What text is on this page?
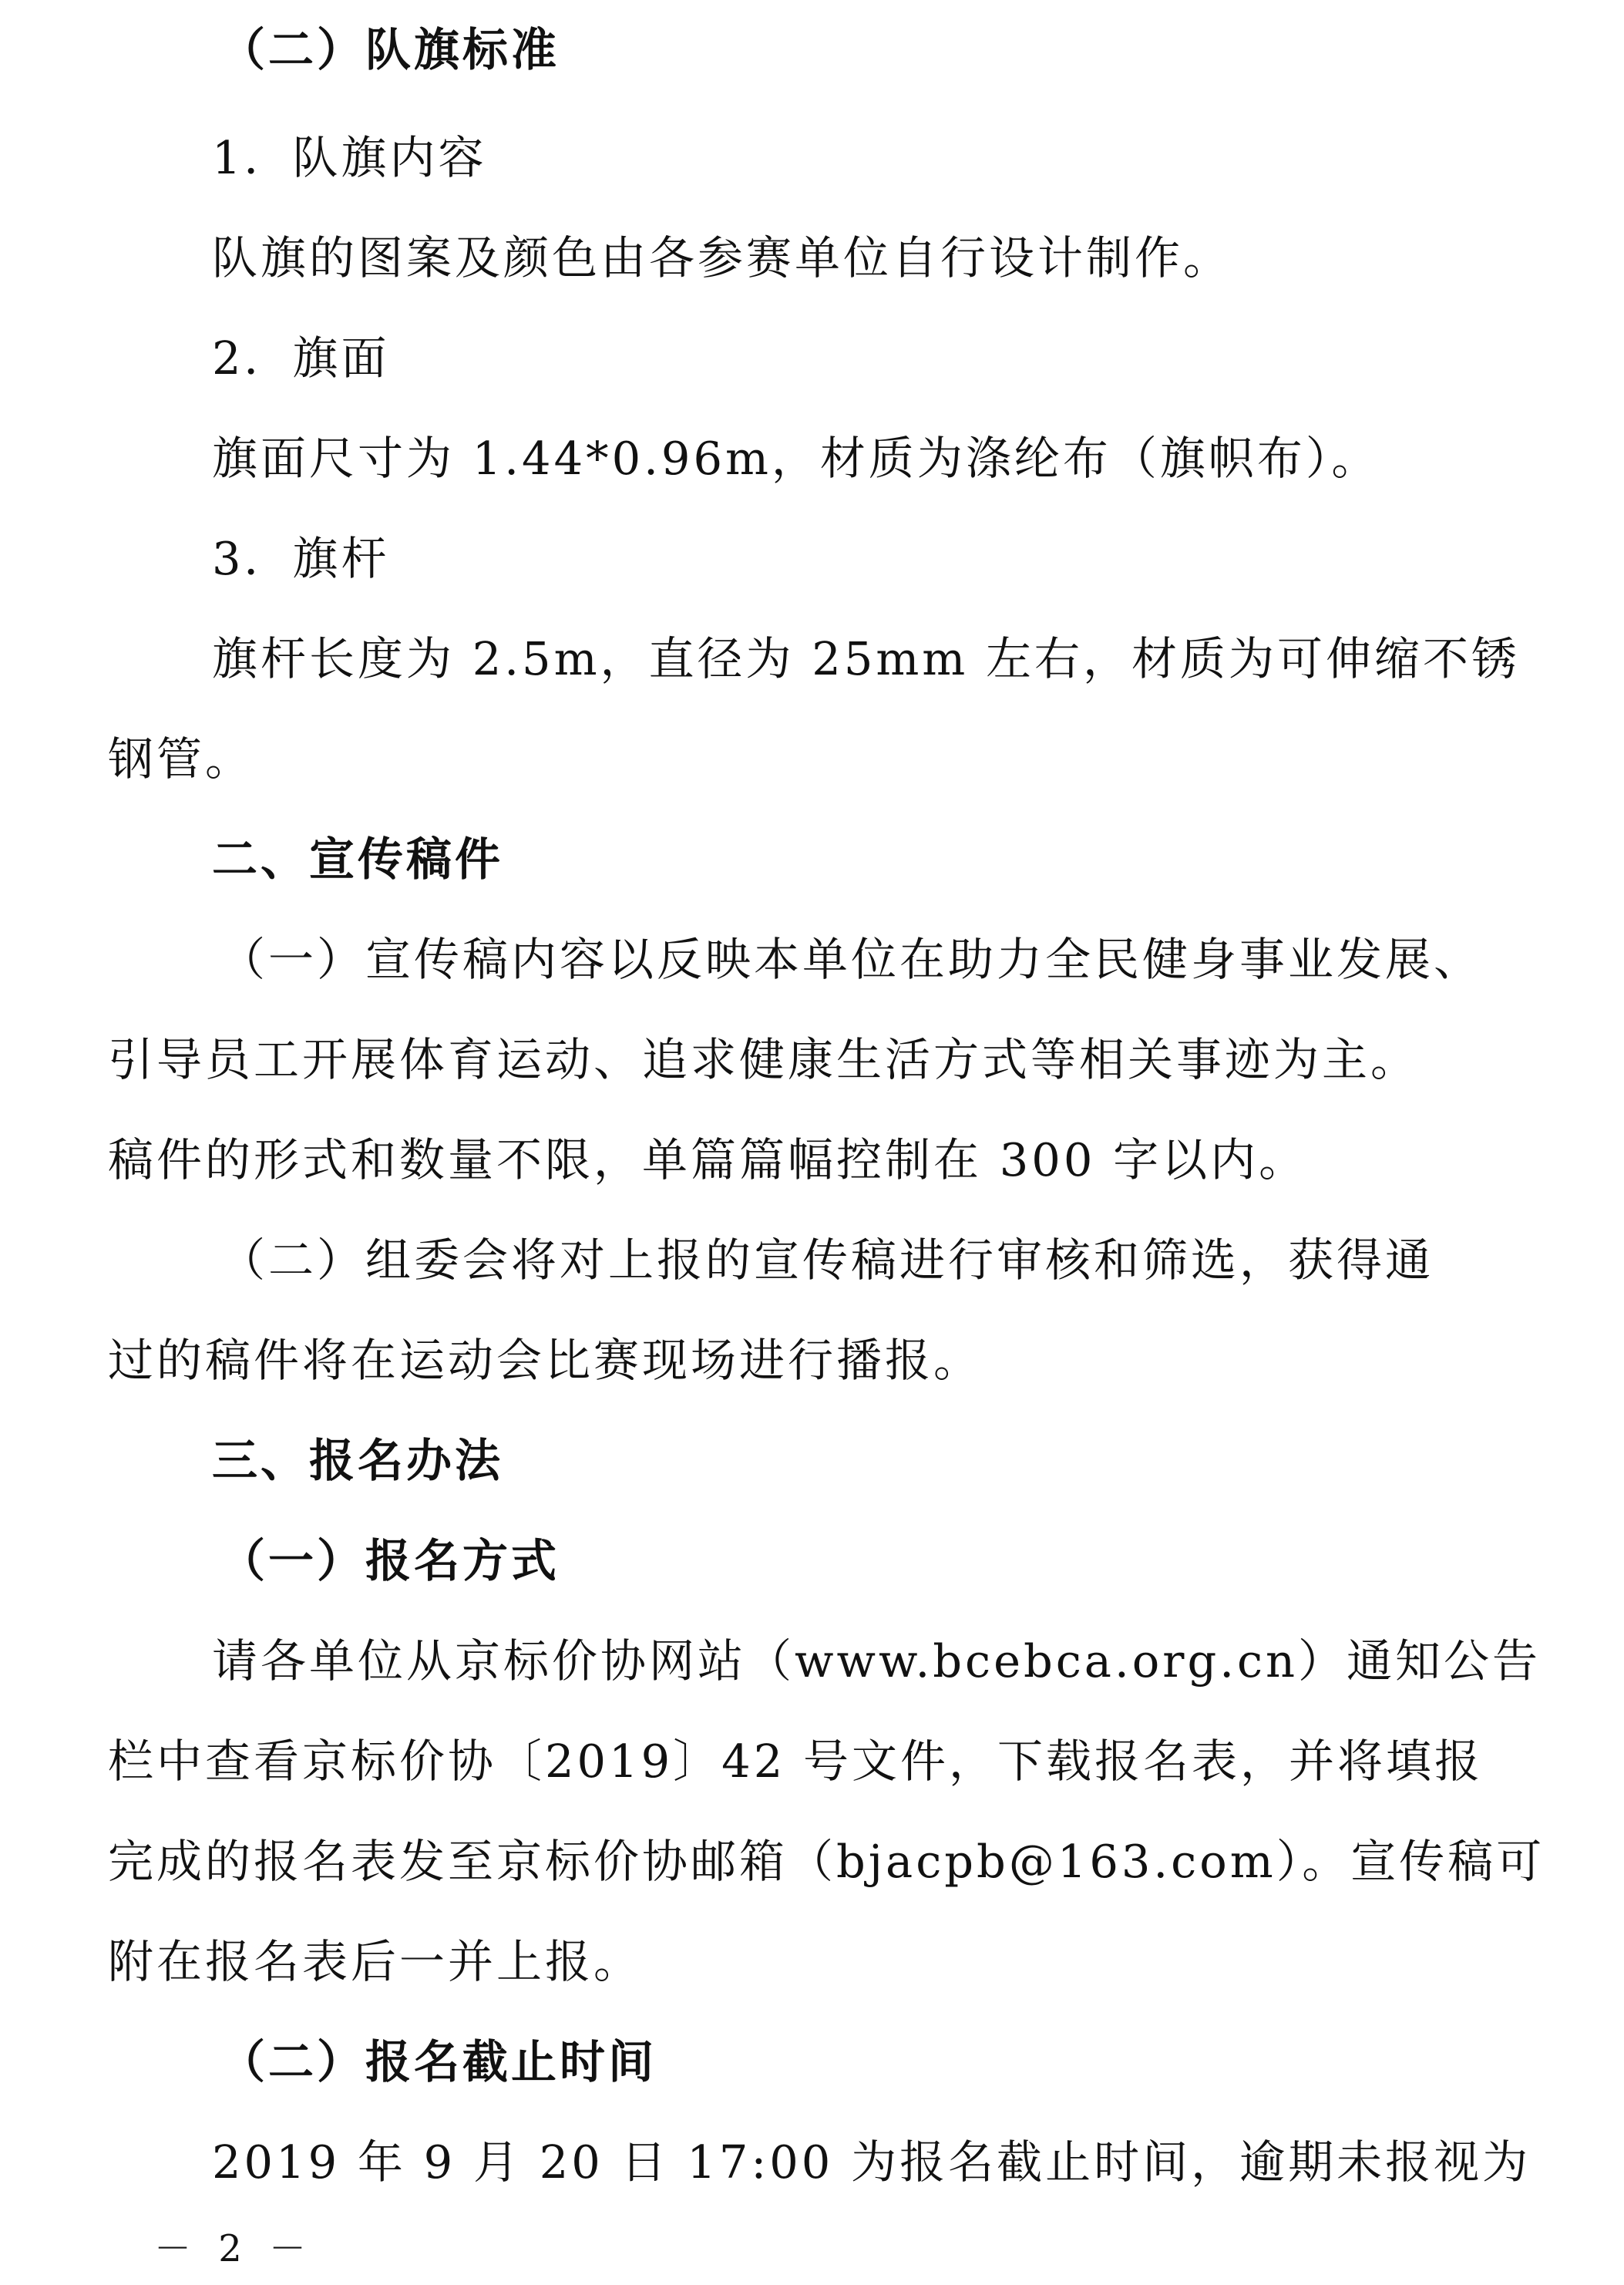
（二）队旗标准
1．队旗内容
队旗的图案及颜色由各参赛单位自行设计制作。
2．旗面
旗面尺寸为 1.44*0.96m，材质为涤纶布（旗帜布）。
3．旗杆
旗杆长度为 2.5m，直径为 25mm 左右，材质为可伸缩不锈
钢管。
二、宣传稿件
（一）宣传稿内容以反映本单位在助力全民健身事业发展、
引导员工开展体育运动、追求健康生活方式等相关事迹为主。
稿件的形式和数量不限，单篇篇幅控制在 300 字以内。
（二）组委会将对上报的宣传稿进行审核和筛选，获得通
过的稿件将在运动会比赛现场进行播报。
三、报名办法
（一）报名方式
请各单位从京标价协网站（www.bcebca.org.cn）通知公告
栏中查看京标价协〔2019〕42 号文件，下载报名表，并将填报
完成的报名表发至京标价协邮箱（bjacpb@163.com）。宣传稿可
附在报名表后一并上报。
（二）报名截止时间
2019 年 9 月 20 日 17:00 为报名截止时间，逾期未报视为
－ 2 －
